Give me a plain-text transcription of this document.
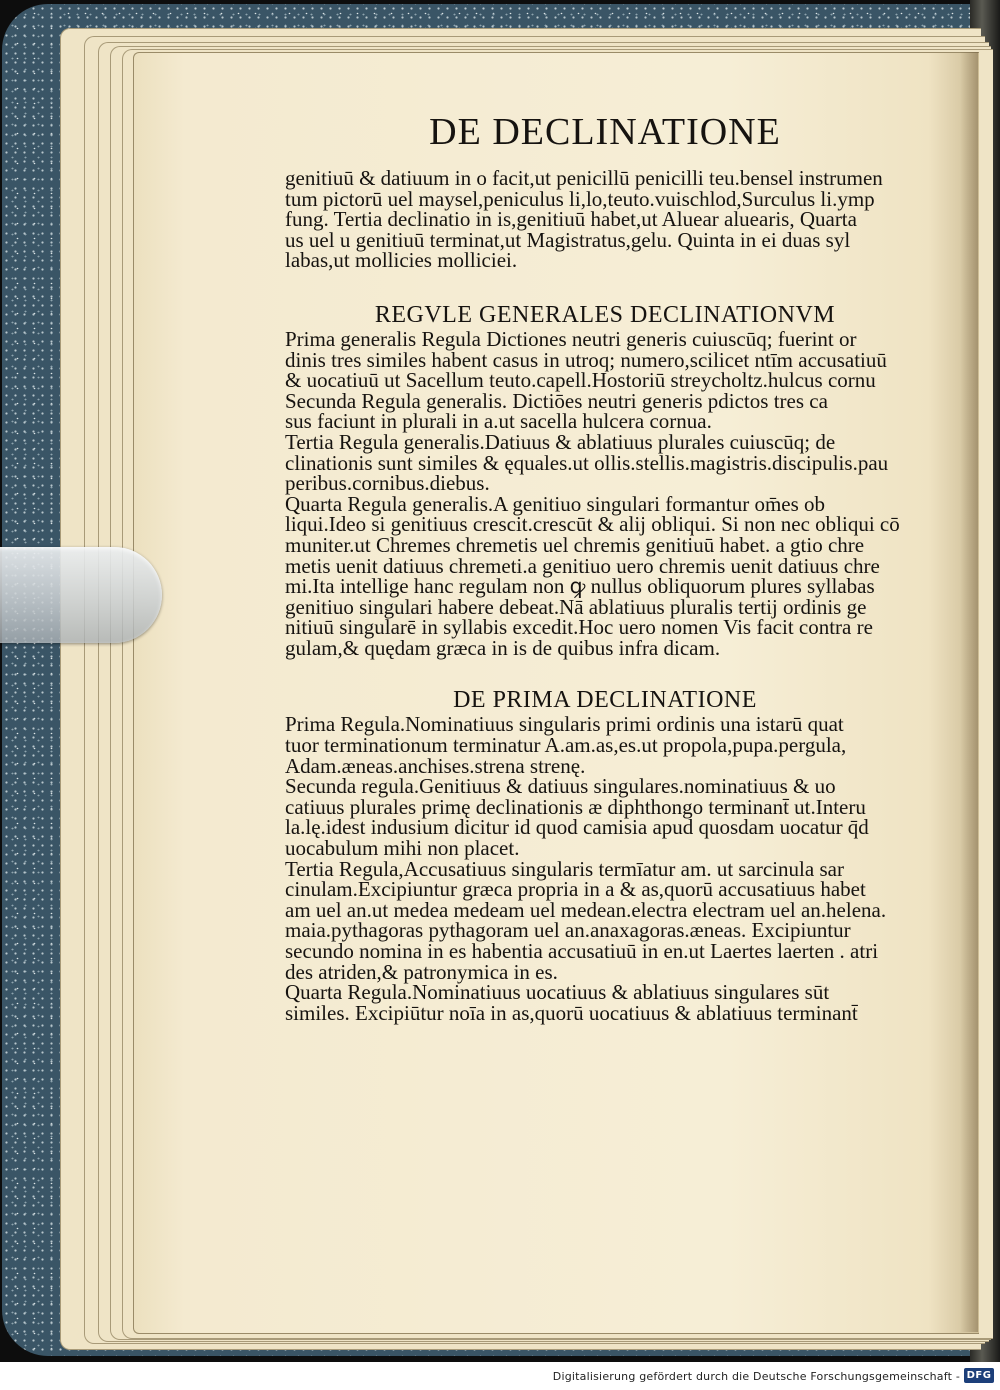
DE DECLINATIONE

genitiuū & datiuum in o facit,ut penicillū penicilli teu.bensel instrumen

tum pictorū uel maysel,peniculus li,lo,teuto.vuischlod,Surculus li.ymp

fung. Tertia declinatio in is,genitiuū habet,ut Aluear aluearis, Quarta

us uel u genitiuū terminat,ut Magistratus,gelu. Quinta in ei duas syl

labas,ut mollicies molliciei.

REGVLE GENERALES DECLINATIONVM

Prima generalis Regula Dictiones neutri generis cuiuscūq; fuerint or

dinis tres similes habent casus in utroq; numero,scilicet ntīm accusatiuū

& uocatiuū ut Sacellum teuto.capell.Hostoriū streycholtz.hulcus cornu

Secunda Regula generalis. Dictiōes neutri generis pdictos tres ca

sus faciunt in plurali in a.ut sacella hulcera cornua.

Tertia Regula generalis.Datiuus & ablatiuus plurales cuiuscūq; de

clinationis sunt similes & ęquales.ut ollis.stellis.magistris.discipulis.pau

peribus.cornibus.diebus.

Quarta Regula generalis.A genitiuo singulari formantur om̄es ob

liqui.Ideo si genitiuus crescit.crescūt & alij obliqui. Si non nec obliqui cō

muniter.ut Chremes chremetis uel chremis genitiuū habet. a gtio chre

metis uenit datiuus chremeti.a genitiuo uero chremis uenit datiuus chre

mi.Ita intellige hanc regulam non ꝙ nullus obliquorum plures syllabas

genitiuo singulari habere debeat.Nā ablatiuus pluralis tertij ordinis ge

nitiuū singularē in syllabis excedit.Hoc uero nomen Vis facit contra re

gulam,& quędam græca in is de quibus infra dicam.

DE PRIMA DECLINATIONE

Prima Regula.Nominatiuus singularis primi ordinis una istarū quat

tuor terminationum terminatur A.am.as,es.ut propola,pupa.pergula,

Adam.æneas.anchises.strena strenę.

Secunda regula.Genitiuus & datiuus singulares.nominatiuus & uo

catiuus plurales primę declinationis æ diphthongo terminant̄ ut.Interu

la.lę.idest indusium dicitur id quod camisia apud quosdam uocatur q̄d

uocabulum mihi non placet.

Tertia Regula,Accusatiuus singularis termīatur am. ut sarcinula sar

cinulam.Excipiuntur græca propria in a & as,quorū accusatiuus habet

am uel an.ut medea medeam uel medean.electra electram uel an.helena.

maia.pythagoras pythagoram uel an.anaxagoras.æneas. Excipiuntur

secundo nomina in es habentia accusatiuū in en.ut Laertes laerten . atri

des atriden,& patronymica in es.

Quarta Regula.Nominatiuus uocatiuus & ablatiuus singulares sūt

similes. Excipiūtur noīa in as,quorū uocatiuus & ablatiuus terminant̄

Digitalisierung gefördert durch die Deutsche Forschungsgemeinschaft - DFG
